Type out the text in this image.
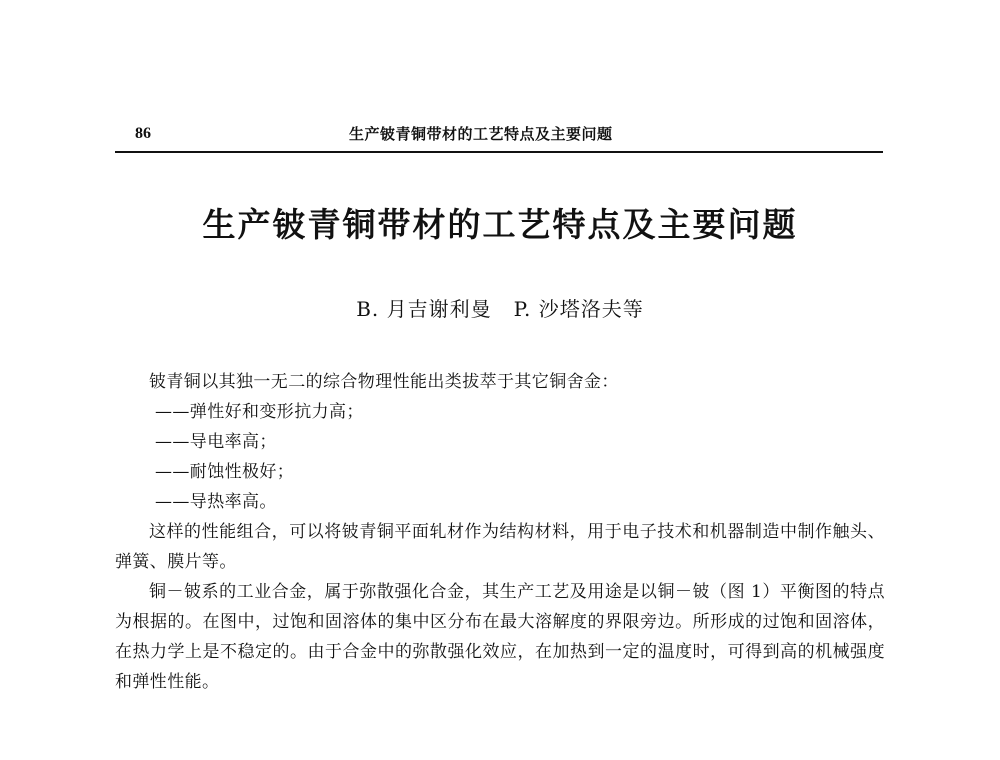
86	生产铍青铜带材的工艺特点及主要问题
生产铍青铜带材的工艺特点及主要问题
B. 月吉谢利曼 P. 沙塔洛夫等

铍青铜以其独一无二的综合物理性能出类拔萃于其它铜舍金：

——弹性好和变形抗力高；

——导电率高；

——耐蚀性极好；

——导热率高。

这样的性能组合，可以将铍青铜平面轧材作为结构材料，用于电子技术和机器制造中制作触头、弹簧、膜片等。

铜－铍系的工业合金，属于弥散强化合金，其生产工艺及用途是以铜－铍（图 1）平衡图的特点为根据的。在图中，过饱和固溶体的集中区分布在最大溶解度的界限旁边。所形成的过饱和固溶体，在热力学上是不稳定的。由于合金中的弥散强化效应，在加热到一定的温度时，可得到高的机械强度和弹性性能。
